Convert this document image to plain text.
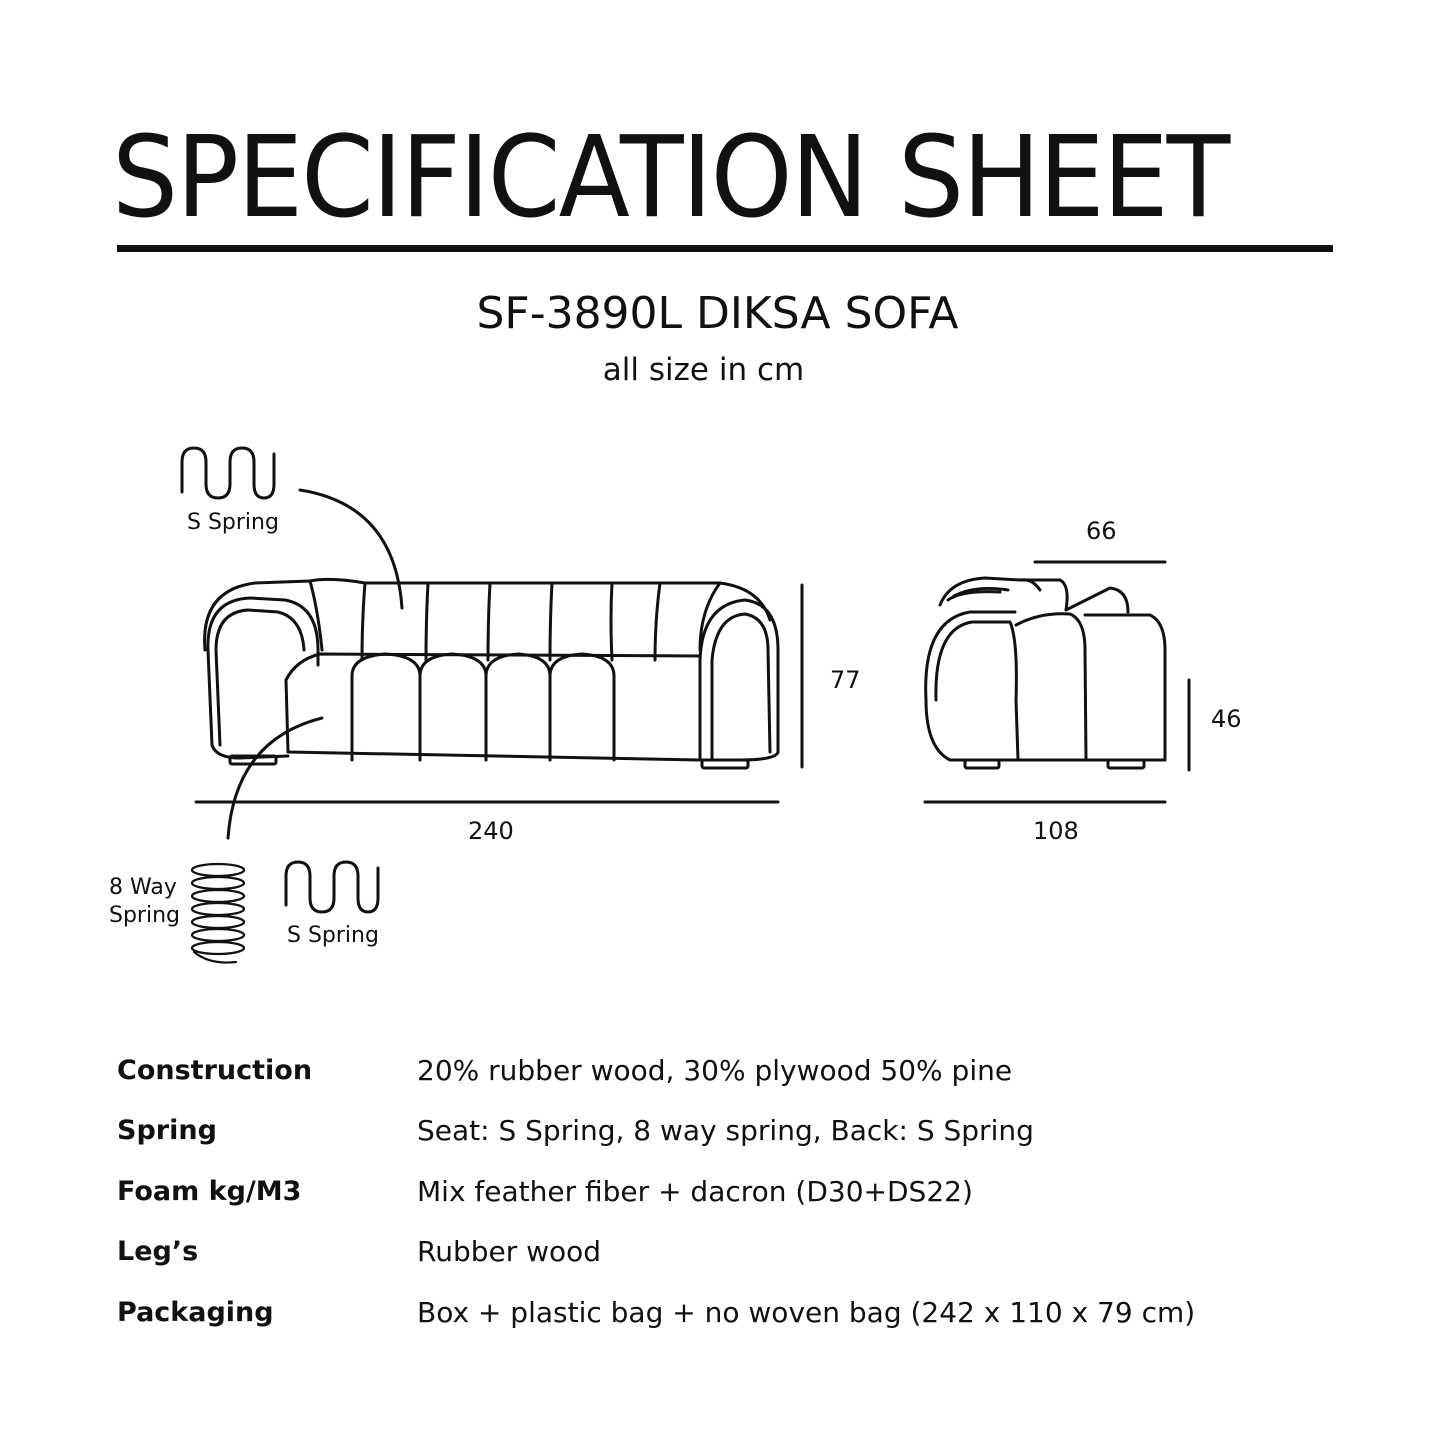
SPECIFICATION SHEET
SF-3890L DIKSA SOFA
all size in cm
S Spring
8 Way
Spring
S Spring
240
77
108
66
46
Construction	20% rubber wood, 30% plywood 50% pine
Spring	Seat: S Spring, 8 way spring, Back: S Spring
Foam kg/M3	Mix feather fiber + dacron (D30+DS22)
Leg’s	Rubber wood
Packaging	Box + plastic bag + no woven bag (242 x 110 x 79 cm)
